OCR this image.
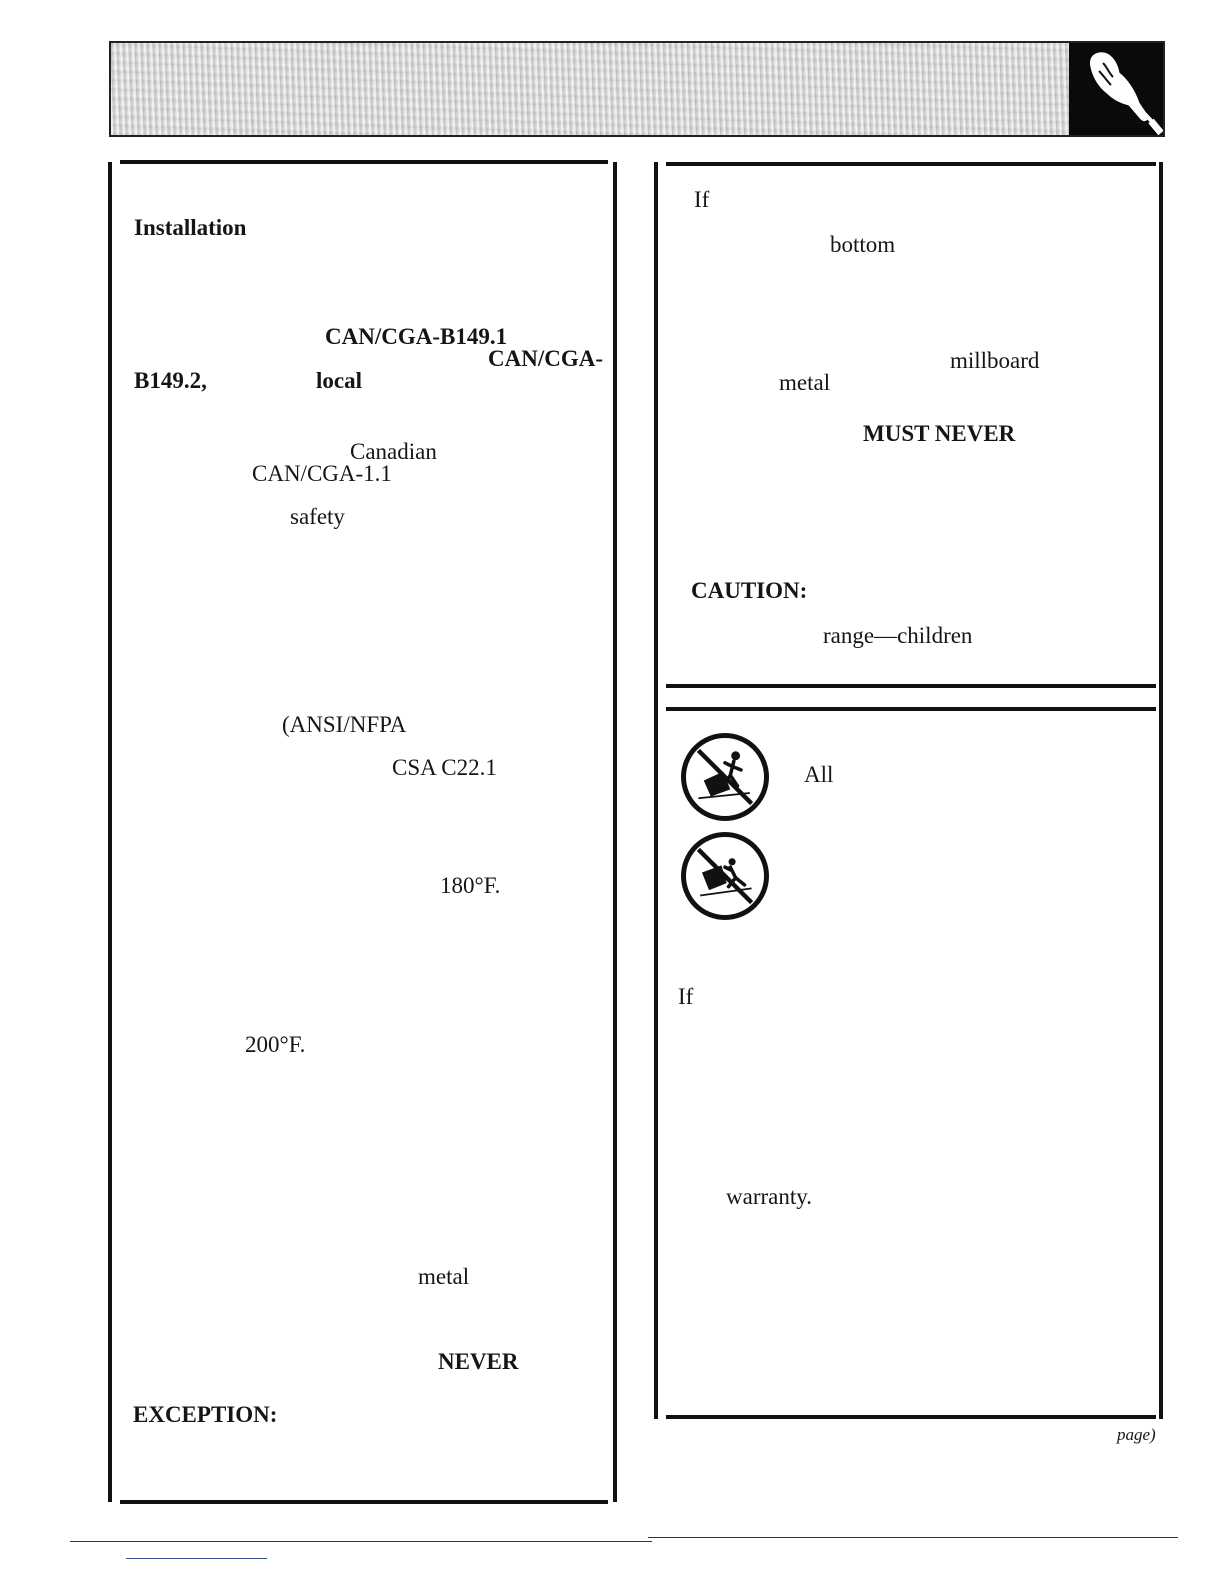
Installation
CAN/CGA-B149.1
CAN/CGA-
B149.2,	local
Canadian
CAN/CGA-1.1
safety
(ANSI/NFPA
CSA C22.1
180°F.
200°F.
metal
NEVER
EXCEPTION:
If
bottom
millboard
metal
MUST NEVER
CAUTION:
range—children
All
If
warranty.
page)
